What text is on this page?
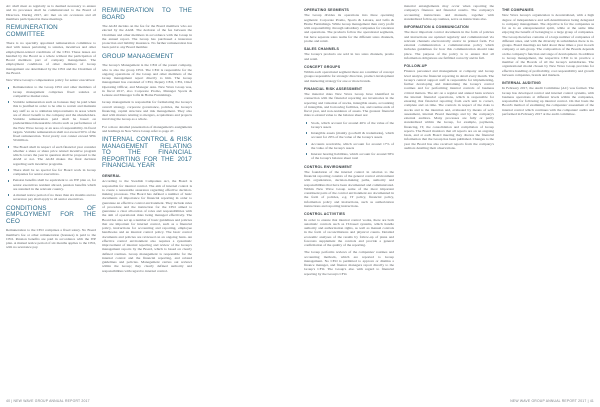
AC shall meet as regularly as is deemed necessary to ensure and its processes shall be communicated to the Board of Directors. During 2017, AC met on six occasions and all members participated in these meetings.

REMUNERATION COMMITTEE

There is no specially appointed remuneration committee to deal with issues pertaining to salaries, incentives and other employment-related conditions of the CEO. These issues are handled by the Board as a whole without the participation of Board members part of company management. The employment conditions of other members of Group management are determined by the CEO and the Chairman of the Board.

New Wave Group's compensation policy for senior executives:

Remuneration to the Group CEO and other members of Group management comprises fixed salaries at competitive market rates.
Variable remuneration such as bonuses may be paid when this is justified in order to be able to recruit and maintain key staff so as to stimulate improvements in areas which are of direct benefit to the company and the shareholders. Variable remuneration paid shall be based on predetermined measurable criteria such as performance of the New Wave Group or an area of responsibility. In fiscal targets. Variable remuneration shall not exceed 50% of the fixed remuneration. Total yearly cost cannot exceed SEK 50 million.
The Board shall in respect of each financial year consider whether a share or share price related incentive program which covers the year in question shall be proposed to the AGM or not. The AGM makes the final decision regarding such incentive programs.
There shall be no special fee for Board work in Group companies for senior executives.
Pension benefits shall be equivalent to an ITP plan or, for senior executives resident abroad, pension benefits which are standard in the relevant country.
A mutual notice period of no more than six months and no severance pay shall apply to all senior executives.
CONDITIONS OF EMPLOYMENT FOR THE CEO

Remuneration to the CEO comprises a fixed salary. No Board member's fee or other remuneration (bonuses) is paid to the CEO. Pension benefits are paid in accordance with the ITP plan. A mutual notice period of six months applies to the CEO, with no severance pay.

REMUNERATION TO THE BOARD

The AGM decides on the fee for the Board members who are elected by the AGM. The decision of the fee between the Chairman and other members in accordance with the Group in the annual report. The Group has purchased a insurance protection and liability insurance. No further remuneration has been paid to any Board member.

GROUP MANAGEMENT

The Group's Management is the CEO of the parent company, who is also the group CEO. The CEO is responsible for the ongoing operations of the Group and other members of the Group management report directly to him. The Group management has consisted of CEO, Deputy CEO, CFO, Chief Operating Officer, and Manager Asia. New Wave Group was, in fiscal 2017, also Corporate Promo, Manager Sports & Leisure and Manager Gifts & Home Furnishings.

Group management is responsible for formulating the Group's overall strategy, corporate governance, policies, the Group's financing, capital structure and risk management. They also deal with matters relating to mergers, acquisitions and projects involving the Group as a whole.

For a more detailed presentation of management's assignments and holdings in New Wave Group refer to page 47.

INTERNAL CONTROL & RISK MANAGEMENT RELATING TO THE FINANCIAL REPORTING FOR THE 2017 FINANCIAL YEAR
GENERAL

According to the Swedish Companies Act, the Board is responsible for internal control. The aim of internal control is to create a reasonable assurance regarding effective decision-making processes. The Board has defined a number of basic documents of importance for financial reporting in order to guarantee an effective control environment. They include rules of procedure and the instruction for the CEO aimed to guarantee a clear allocation of roles and responsibilities with the aim of operational risks being managed effectively. The Board has also set up a number of basic guidelines and policies that are important for internal control, such as a financial policy, instructions for accounting and reporting, employee handbooks and an internal control policy. The basic control documents and policies are reviewed on an ongoing basis. An effective control environment also requires a systematic improvement of internal reporting and review of the Group's management reports by the Board, which is based on clearly defined routines. Group management is responsible for the internal control and the financial reporting, and related guidelines and policies. Management carries out reviews within the Group; they clearly defined authority and responsibilities with regard to internal control.

40 | NEW WAVE GROUP ANNUAL REPORT 2017
OPERATING SEGMENTS

The Group divides its operations into three operating segments: Corporate Promo, Sports & Leisure, and Gifts & Home Furnishings. While Group management then carry profit with responsibility, through subsidiary companies for retention and operations. The products follow the operational segments, but have separate sales teams for the different sales channels, promo and retail.

SALES CHANNELS

The Group's products are sold in two sales channels, promo and retail.

CONCEPT GROUPS

Within each operational segment there are a number of concept groups responsible for strategic direction, product development and marketing strategy for one or more brands.

FINANCIAL RISK ASSESSMENT

The material risks New Wave Group have identified in connection with the financial reporting are inventories in the reporting and valuation of stocks, intangible assets, accounting of intangible, and borrowing facilities, tax, and routine ends of fiscal year, and non-residence of assets. The greatest financial risks to extend value to the balance sheet are:

Stock, which account for around 46% of the value of the Group's assets
Intangible assets (mainly goodwill & trademarks), which account for 29% of the value of the Group's assets
Accounts receivable, which account for around 17% of the value of the Group's assets
Interest bearing liabilities, which account for around 58% of the Group's balance sheet total
CONTROL ENVIRONMENT

The foundation of the internal control in relation to the financial reporting consists of the general control environment with organization, decision-making paths, authority and responsibilities that have been documented and communicated. Within New Wave Group some of the most important constituent parts of the control environment are documented in the form of policies, e.g. IT policy, financial policy, information policy and instructions, such as authorization instructions and reporting instructions.

CONTROL ACTIVITIES

In order to ensure that internal control works, there are both automatic controls such as IT-based systems, which handle authority and authorization rights, as well as manual controls in the form of reconciliations and physical counts. Detailed economic analyses of the results by follow-up of plans and forecasts supplement the controls and provide a general confirmation of the quality of the reporting.

The Group performs reviews of the companies' routines and accounting methods, which are reported to Group management. No CEO is permitted to approve or dismiss a finance manager, and finance managers report directly to the Group's CFO. The Group's also with regard to financial reporting by the Group's CFO.

material entanglements may occur when reporting the company's finances and financial results. The company's accounting instructions and manuals, together with standardized follow-up routines, serve as instructions also.

INFORMATION & COMMUNICATION

The most important control documents in the form of policies and instructions are updated regularly and communicated via relevant channels electronically and/or in printed form. For external communication a communication policy which includes guidelines for how this communication should take place. The purpose of the policy is to ensure that all information obligations are fulfilled correctly and in full.

FOLLOW-UP

Finance personnel and management at company and Group level analyse the financial reporting in detail every month. The Group's central support staff is responsible for implementing, further developing and maintaining the Group's control routines and for performing internal controls of business critical matters. The AC on a regular and annual basis reviews the internal financial operations, which is responsible for ensuring that financial reporting from each unit is correct, complete and on time. The controls in respect of the risks to stocks and is the intention and, evaluated by means of self-assessment, internal Board meetings and by the company's external auditors. Many processes are fully or partly standardized within the Group, for example, payments, financing, IT, the consolidation and compilation of Group reports. The Board monitors that all reports are on an ongoing basis, and at each Board meeting they discuss the financial information that the Group has been published. Changes to the year the Board has also received reports from the company's auditors detailing their observations.

THE COMPANIES

New Wave Group's organization is decentralized, with a high degree of independence and self-determination being delegated to company management. The objective is for the companies as far as is an entrepreneurial spirit, while at the same time enjoying the benefit of belonging to a large group of companies. The Group therefore contains of a large number of companies of different sizes, and with the diversity in subsidiaries there is in-groups. Board meetings are held about three times a year in each company or sub-group. The composition of the Boards depends on the company's function and stage of development. In addition to Group management, the respective CEO is in practice a member of the Boards of all the Group's subsidiaries. The organizational model chosen by New Wave Group provides for effective handling of profitability, cost responsibility and growth between companies, brands and markets.

INTERNAL AUDITING

In February 2017, the Audit Committee (AC) was formed. The Group has developed control and internal control systems, with business operations at different levels within the companies, responsible for following up internal control. On that basis the Board's method of examining the companies' assessment of the internal control which continues with the companies' audits and performed in February 2017 at the audit committee.

NEW WAVE GROUP ANNUAL REPORT 2017 | 41
